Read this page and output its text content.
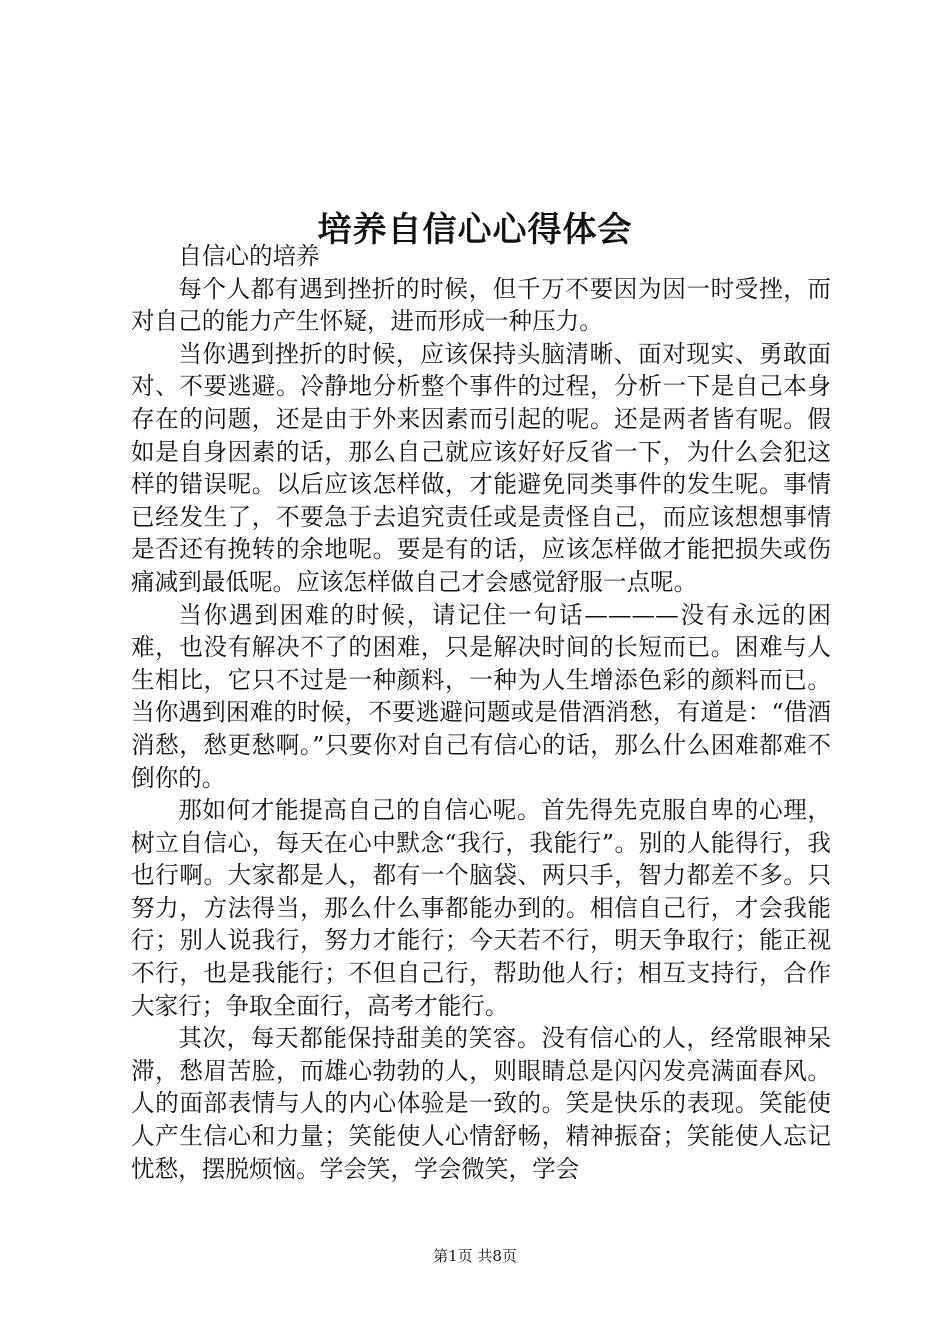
培养自信心心得体会

自信心的培养

每个人都有遇到挫折的时候，但千万不要因为因一时受挫，而对自己的能力产生怀疑，进而形成一种压力。

当你遇到挫折的时候，应该保持头脑清晰、面对现实、勇敢面对、不要逃避。冷静地分析整个事件的过程，分析一下是自己本身存在的问题，还是由于外来因素而引起的呢。还是两者皆有呢。假如是自身因素的话，那么自己就应该好好反省一下，为什么会犯这样的错误呢。以后应该怎样做，才能避免同类事件的发生呢。事情已经发生了，不要急于去追究责任或是责怪自己，而应该想想事情是否还有挽转的余地呢。要是有的话，应该怎样做才能把损失或伤痛减到最低呢。应该怎样做自己才会感觉舒服一点呢。

当你遇到困难的时候，请记住一句话————没有永远的困难，也没有解决不了的困难，只是解决时间的长短而已。困难与人生相比，它只不过是一种颜料，一种为人生增添色彩的颜料而已。当你遇到困难的时候，不要逃避问题或是借酒消愁，有道是：“借酒消愁，愁更愁啊。”只要你对自己有信心的话，那么什么困难都难不倒你的。

那如何才能提高自己的自信心呢。首先得先克服自卑的心理，树立自信心，每天在心中默念“我行，我能行”。别的人能得行，我也行啊。大家都是人，都有一个脑袋、两只手，智力都差不多。只努力，方法得当，那么什么事都能办到的。相信自己行，才会我能行；别人说我行，努力才能行；今天若不行，明天争取行；能正视不行，也是我能行；不但自己行，帮助他人行；相互支持行，合作大家行；争取全面行，高考才能行。

其次，每天都能保持甜美的笑容。没有信心的人，经常眼神呆滞，愁眉苦脸，而雄心勃勃的人，则眼睛总是闪闪发亮满面春风。人的面部表情与人的内心体验是一致的。笑是快乐的表现。笑能使人产生信心和力量；笑能使人心情舒畅，精神振奋；笑能使人忘记忧愁，摆脱烦恼。学会笑，学会微笑，学会

第1页 共8页
